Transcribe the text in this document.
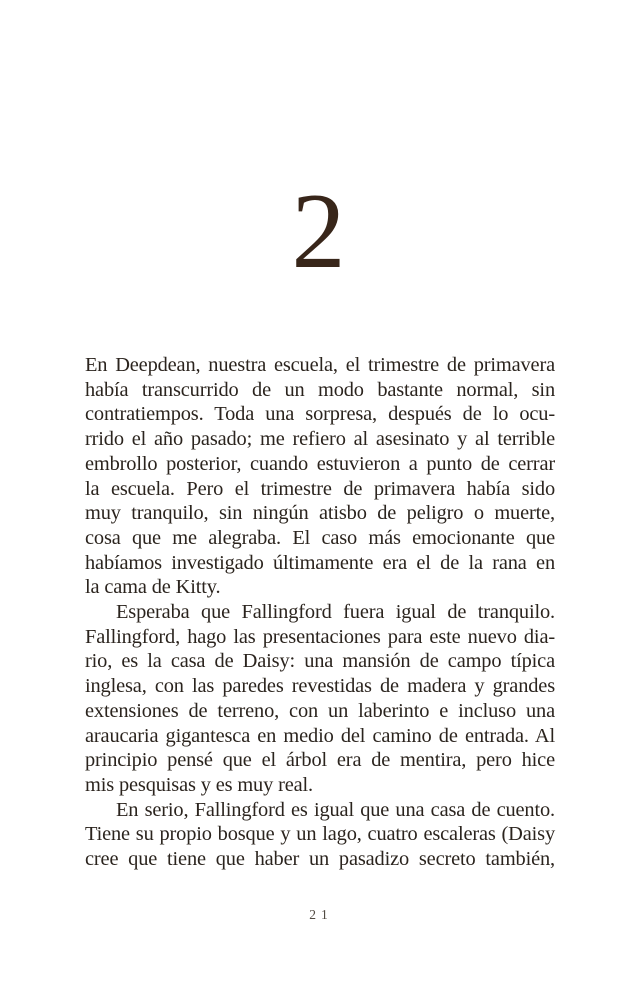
2
En Deepdean, nuestra escuela, el trimestre de primavera
había transcurrido de un modo bastante normal, sin
contratiempos. Toda una sorpresa, después de lo ocu-
rrido el año pasado; me refiero al asesinato y al terrible
embrollo posterior, cuando estuvieron a punto de cerrar
la escuela. Pero el trimestre de primavera había sido
muy tranquilo, sin ningún atisbo de peligro o muerte,
cosa que me alegraba. El caso más emocionante que
habíamos investigado últimamente era el de la rana en
la cama de Kitty.
Esperaba que Fallingford fuera igual de tranquilo.
Fallingford, hago las presentaciones para este nuevo dia-
rio, es la casa de Daisy: una mansión de campo típica
inglesa, con las paredes revestidas de madera y grandes
extensiones de terreno, con un laberinto e incluso una
araucaria gigantesca en medio del camino de entrada. Al
principio pensé que el árbol era de mentira, pero hice
mis pesquisas y es muy real.
En serio, Fallingford es igual que una casa de cuento.
Tiene su propio bosque y un lago, cuatro escaleras (Daisy
cree que tiene que haber un pasadizo secreto también,
21
